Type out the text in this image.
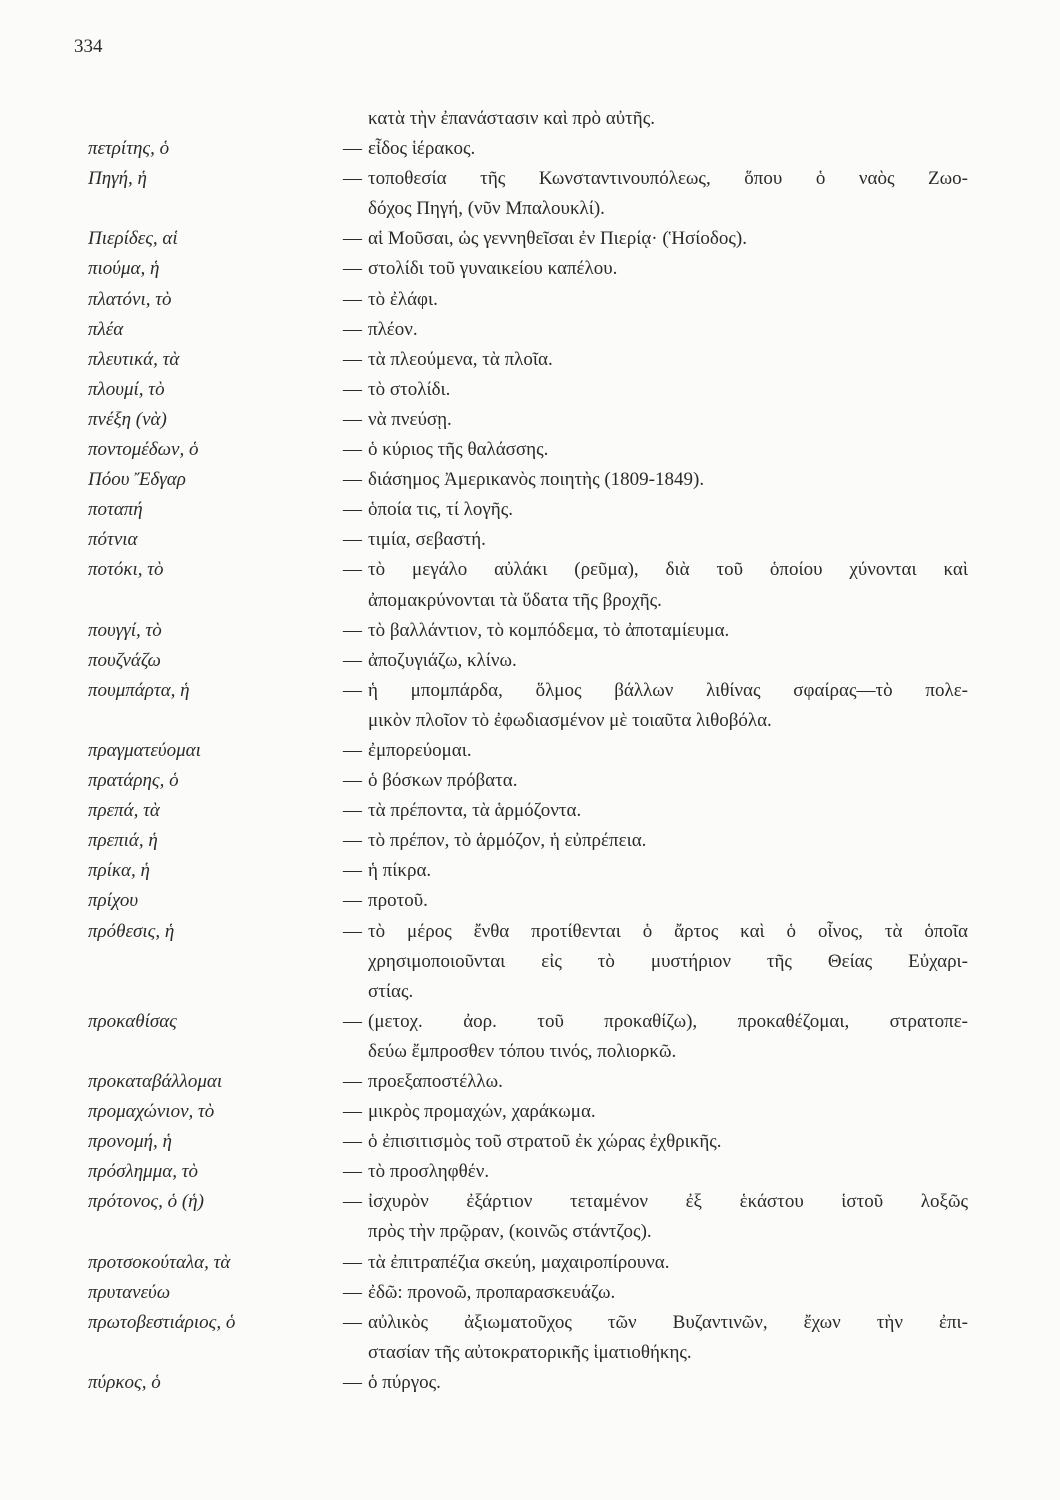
334
κατὰ τὴν ἐπανάστασιν καὶ πρὸ αὐτῆς.
πετρίτης, ὁ	— εἶδος ἱέρακος.
Πηγή, ἡ	— τοποθεσία τῆς Κωνσταντινουπόλεως, ὅπου ὁ ναὸς Ζωο-
δόχος Πηγή, (νῦν Μπαλουκλί).
Πιερίδες, αἱ	— αἱ Μοῦσαι, ὡς γεννηθεῖσαι ἐν Πιερίᾳ· (Ἡσίοδος).
πιούμα, ἡ	— στολίδι τοῦ γυναικείου καπέλου.
πλατόνι, τὸ	— τὸ ἐλάφι.
πλέα	— πλέον.
πλευτικά, τὰ	— τὰ πλεούμενα, τὰ πλοῖα.
πλουμί, τὸ	— τὸ στολίδι.
πνέξη (νὰ)	— νὰ πνεύσῃ.
ποντομέδων, ὁ	— ὁ κύριος τῆς θαλάσσης.
Πόου Ἔδγαρ	— διάσημος Ἀμερικανὸς ποιητὴς (1809-1849).
ποταπή	— ὁποία τις, τί λογῆς.
πότνια	— τιμία, σεβαστή.
ποτόκι, τὸ	— τὸ μεγάλο αὐλάκι (ρεῦμα), διὰ τοῦ ὁποίου χύνονται καὶ
ἀπομακρύνονται τὰ ὕδατα τῆς βροχῆς.
πουγγί, τὸ	— τὸ βαλλάντιον, τὸ κομπόδεμα, τὸ ἀποταμίευμα.
πουζνάζω	— ἀποζυγιάζω, κλίνω.
πουμπάρτα, ἡ	— ἡ μπομπάρδα, ὅλμος βάλλων λιθίνας σφαίρας—τὸ πολε-
μικὸν πλοῖον τὸ ἐφωδιασμένον μὲ τοιαῦτα λιθοβόλα.
πραγματεύομαι	— ἐμπορεύομαι.
πρατάρης, ὁ	— ὁ βόσκων πρόβατα.
πρεπά, τὰ	— τὰ πρέποντα, τὰ ἁρμόζοντα.
πρεπιά, ἡ	— τὸ πρέπον, τὸ ἁρμόζον, ἡ εὐπρέπεια.
πρίκα, ἡ	— ἡ πίκρα.
πρίχου	— προτοῦ.
πρόθεσις, ἡ	— τὸ μέρος ἔνθα προτίθενται ὁ ἄρτος καὶ ὁ οἶνος, τὰ ὁποῖα
χρησιμοποιοῦνται εἰς τὸ μυστήριον τῆς Θείας Εὐχαρι-
στίας.
προκαθίσας	— (μετοχ. ἀορ. τοῦ προκαθίζω), προκαθέζομαι, στρατοπε-
δεύω ἔμπροσθεν τόπου τινός, πολιορκῶ.
προκαταβάλλομαι	— προεξαποστέλλω.
προμαχώνιον, τὸ	— μικρὸς προμαχών, χαράκωμα.
προνομή, ἡ	— ὁ ἐπισιτισμὸς τοῦ στρατοῦ ἐκ χώρας ἐχθρικῆς.
πρόσλημμα, τὸ	— τὸ προσληφθέν.
πρότονος, ὁ (ἡ)	— ἰσχυρὸν ἐξάρτιον τεταμένον ἐξ ἑκάστου ἱστοῦ λοξῶς
πρὸς τὴν πρῷραν, (κοινῶς στάντζος).
προτσοκούταλα, τὰ	— τὰ ἐπιτραπέζια σκεύη, μαχαιροπίρουνα.
πρυτανεύω	— ἐδῶ: προνοῶ, προπαρασκευάζω.
πρωτοβεστιάριος, ὁ	— αὐλικὸς ἀξιωματοῦχος τῶν Βυζαντινῶν, ἔχων τὴν ἐπι-
στασίαν τῆς αὐτοκρατορικῆς ἱματιοθήκης.
πύρκος, ὁ	— ὁ πύργος.
